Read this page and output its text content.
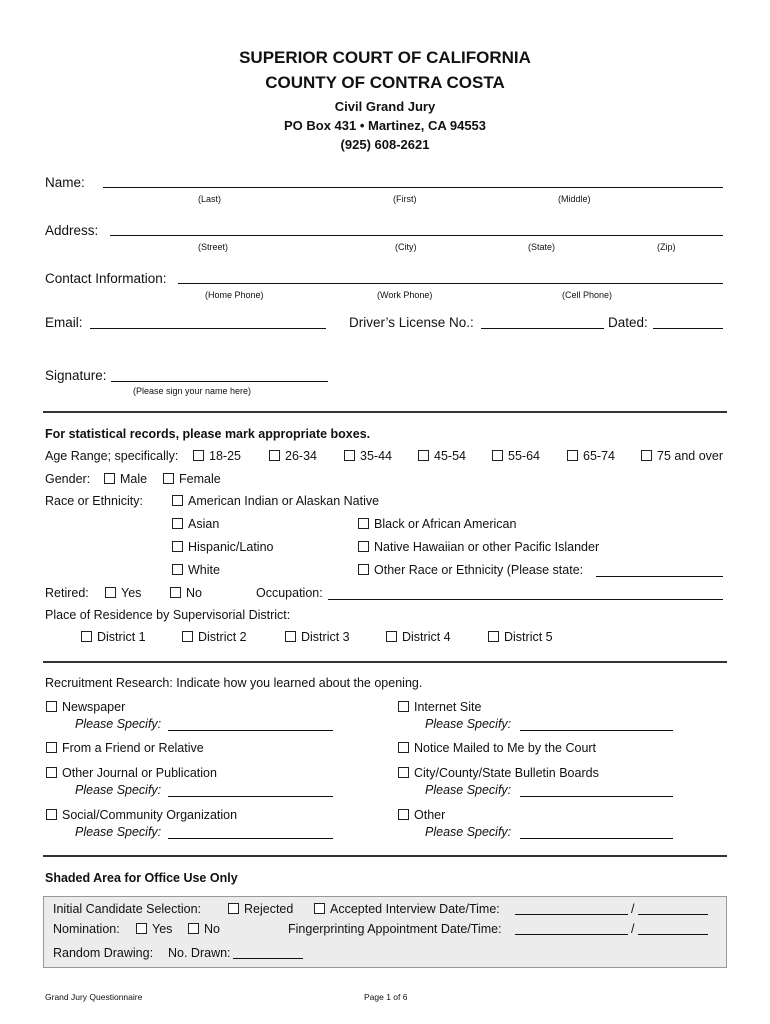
SUPERIOR COURT OF CALIFORNIA
COUNTY OF CONTRA COSTA
Civil Grand Jury
PO Box 431 • Martinez, CA 94553
(925) 608-2621
Name:
(Last)	(First)	(Middle)
Address:
(Street)	(City)	(State)	(Zip)
Contact Information:
(Home Phone)	(Work Phone)	(Cell Phone)
Email:	Driver’s License No.:	Dated:
Signature:
(Please sign your name here)
For statistical records, please mark appropriate boxes.
Age Range; specifically:	18-25	26-34	35-44	45-54	55-64	65-74	75 and over
Gender:	Male	Female
Race or Ethnicity:	American Indian or Alaskan Native
Asian	Black or African American
Hispanic/Latino	Native Hawaiian or other Pacific Islander
White	Other Race or Ethnicity (Please state:
Retired:	Yes	No	Occupation:
Place of Residence by Supervisorial District:
District 1	District 2	District 3	District 4	District 5
Recruitment Research: Indicate how you learned about the opening.
Newspaper
Please Specify:
Internet Site
Please Specify:
From a Friend or Relative	Notice Mailed to Me by the Court
Other Journal or Publication
Please Specify:
City/County/State Bulletin Boards
Please Specify:
Social/Community Organization
Please Specify:
Other
Please Specify:
Shaded Area for Office Use Only
Initial Candidate Selection:	Rejected	Accepted Interview Date/Time:	/
Nomination:	Yes	No	Fingerprinting Appointment Date/Time:	/
Random Drawing: No. Drawn:
Grand Jury Questionnaire	Page 1 of 6
